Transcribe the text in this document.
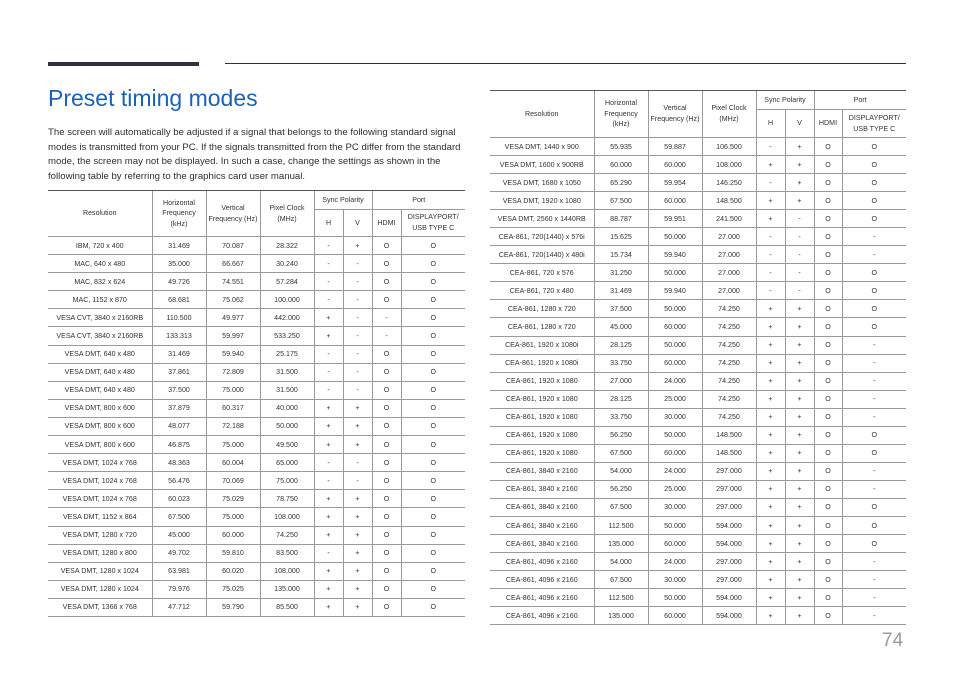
Preset timing modes

The screen will automatically be adjusted if a signal that belongs to the following standard signal modes is transmitted from your PC. If the signals transmitted from the PC differ from the standard mode, the screen may not be displayed. In such a case, change the settings as shown in the following table by referring to the graphics card user manual.

Resolution	Horizontal Frequency (kHz)	Vertical Frequency (Hz)	Pixel Clock (MHz)	Sync Polarity		Port	
				H	V	HDMI	DISPLAYPORT/ USB TYPE C
IBM, 720 x 400	31.469	70.087	28.322	-	+	O	O
MAC, 640 x 480	35.000	66.667	30.240	-	-	O	O
MAC, 832 x 624	49.726	74.551	57.284	-	-	O	O
MAC, 1152 x 870	68.681	75.062	100.000	-	-	O	O
VESA CVT, 3840 x 2160RB	110.500	49.977	442.000	+	-	-	O
VESA CVT, 3840 x 2160RB	133.313	59.997	533.250	+	-	-	O
VESA DMT, 640 x 480	31.469	59.940	25.175	-	-	O	O
VESA DMT, 640 x 480	37.861	72.809	31.500	-	-	O	O
VESA DMT, 640 x 480	37.500	75.000	31.500	-	-	O	O
VESA DMT, 800 x 600	37.879	60.317	40.000	+	+	O	O
VESA DMT, 800 x 600	48.077	72.188	50.000	+	+	O	O
VESA DMT, 800 x 600	46.875	75.000	49.500	+	+	O	O
VESA DMT, 1024 x 768	48.363	60.004	65.000	-	-	O	O
VESA DMT, 1024 x 768	56.476	70.069	75.000	-	-	O	O
VESA DMT, 1024 x 768	60.023	75.029	78.750	+	+	O	O
VESA DMT, 1152 x 864	67.500	75.000	108.000	+	+	O	O
VESA DMT, 1280 x 720	45.000	60.000	74.250	+	+	O	O
VESA DMT, 1280 x 800	49.702	59.810	83.500	-	+	O	O
VESA DMT, 1280 x 1024	63.981	60.020	108.000	+	+	O	O
VESA DMT, 1280 x 1024	79.976	75.025	135.000	+	+	O	O
VESA DMT, 1366 x 768	47.712	59.790	85.500	+	+	O	O
Resolution	Horizontal Frequency (kHz)	Vertical Frequency (Hz)	Pixel Clock (MHz)	Sync Polarity		Port	
				H	V	HDMI	DISPLAYPORT/ USB TYPE C
VESA DMT, 1440 x 900	55.935	59.887	106.500	-	+	O	O
VESA DMT, 1600 x 900RB	60.000	60.000	108.000	+	+	O	O
VESA DMT, 1680 x 1050	65.290	59.954	146.250	-	+	O	O
VESA DMT, 1920 x 1080	67.500	60.000	148.500	+	+	O	O
VESA DMT, 2560 x 1440RB	88.787	59.951	241.500	+	-	O	O
CEA-861, 720(1440) x 576i	15.625	50.000	27.000	-	-	O	-
CEA-861, 720(1440) x 480i	15.734	59.940	27.000	-	-	O	-
CEA-861, 720 x 576	31.250	50.000	27.000	-	-	O	O
CEA-861, 720 x 480	31.469	59.940	27.000	-	-	O	O
CEA-861, 1280 x 720	37.500	50.000	74.250	+	+	O	O
CEA-861, 1280 x 720	45.000	60.000	74.250	+	+	O	O
CEA-861, 1920 x 1080i	28.125	50.000	74.250	+	+	O	-
CEA-861, 1920 x 1080i	33.750	60.000	74.250	+	+	O	-
CEA-861, 1920 x 1080	27.000	24.000	74.250	+	+	O	-
CEA-861, 1920 x 1080	28.125	25.000	74.250	+	+	O	-
CEA-861, 1920 x 1080	33.750	30.000	74.250	+	+	O	-
CEA-861, 1920 x 1080	56.250	50.000	148.500	+	+	O	O
CEA-861, 1920 x 1080	67.500	60.000	148.500	+	+	O	O
CEA-861, 3840 x 2160	54.000	24.000	297.000	+	+	O	-
CEA-861, 3840 x 2160	56.250	25.000	297.000	+	+	O	-
CEA-861, 3840 x 2160	67.500	30.000	297.000	+	+	O	O
CEA-861, 3840 x 2160	112.500	50.000	594.000	+	+	O	O
CEA-861, 3840 x 2160	135.000	60.000	594.000	+	+	O	O
CEA-861, 4096 x 2160	54.000	24.000	297.000	+	+	O	-
CEA-861, 4096 x 2160	67.500	30.000	297.000	+	+	O	-
CEA-861, 4096 x 2160	112.500	50.000	594.000	+	+	O	-
CEA-861, 4096 x 2160	135.000	60.000	594.000	+	+	O	-
74
